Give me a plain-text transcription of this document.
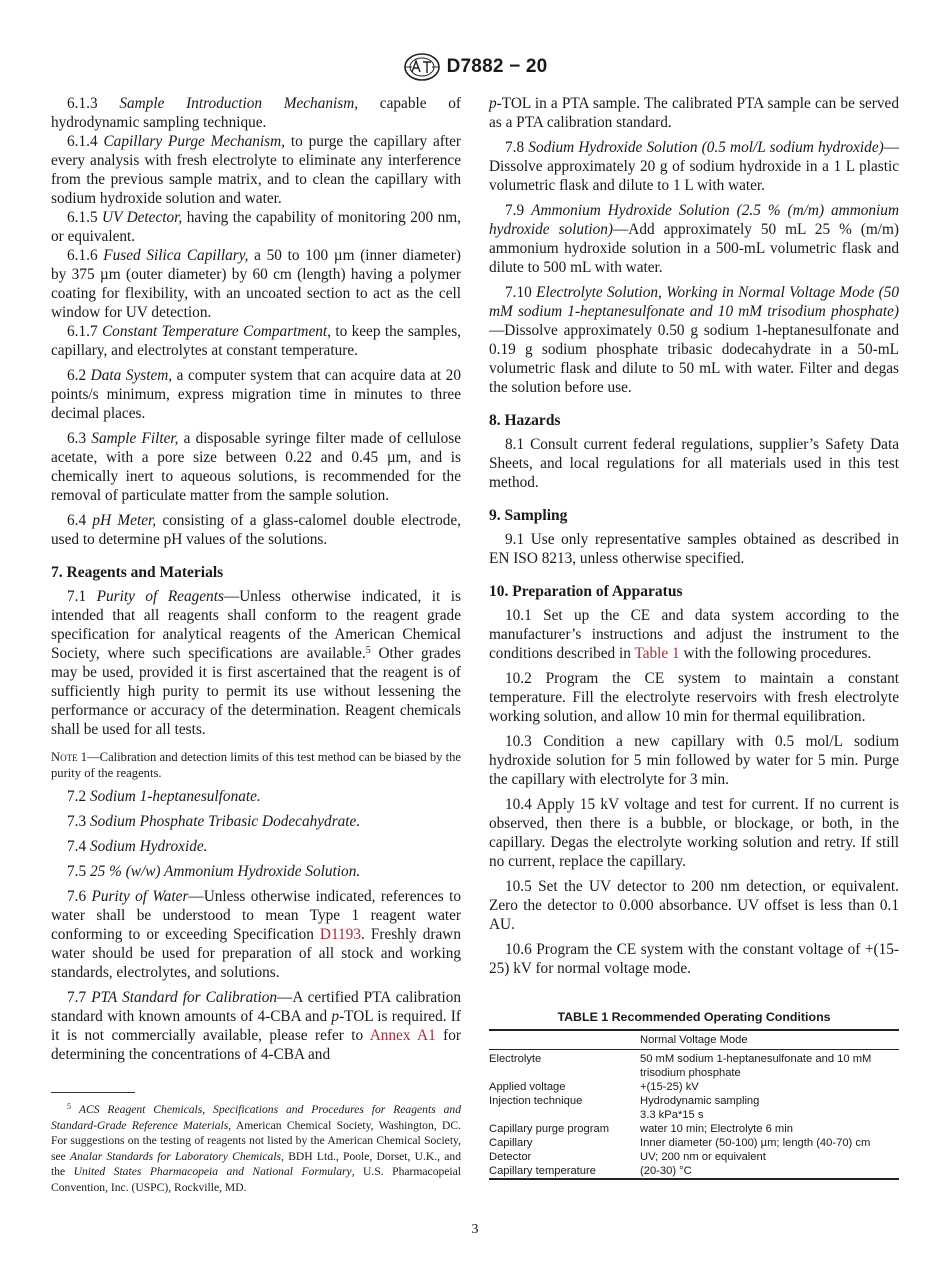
D7882 − 20

6.1.3 Sample Introduction Mechanism, capable of hydrodynamic sampling technique.

6.1.4 Capillary Purge Mechanism, to purge the capillary after every analysis with fresh electrolyte to eliminate any interference from the previous sample matrix, and to clean the capillary with sodium hydroxide solution and water.

6.1.5 UV Detector, having the capability of monitoring 200 nm, or equivalent.

6.1.6 Fused Silica Capillary, a 50 to 100 µm (inner diameter) by 375 µm (outer diameter) by 60 cm (length) having a polymer coating for flexibility, with an uncoated section to act as the cell window for UV detection.

6.1.7 Constant Temperature Compartment, to keep the samples, capillary, and electrolytes at constant temperature.

6.2 Data System, a computer system that can acquire data at 20 points/s minimum, express migration time in minutes to three decimal places.

6.3 Sample Filter, a disposable syringe filter made of cellulose acetate, with a pore size between 0.22 and 0.45 µm, and is chemically inert to aqueous solutions, is recommended for the removal of particulate matter from the sample solution.

6.4 pH Meter, consisting of a glass-calomel double electrode, used to determine pH values of the solutions.

7. Reagents and Materials

7.1 Purity of Reagents—Unless otherwise indicated, it is intended that all reagents shall conform to the reagent grade specification for analytical reagents of the American Chemical Society, where such specifications are available.$^5$ Other grades may be used, provided it is first ascertained that the reagent is of sufficiently high purity to permit its use without lessening the performance or accuracy of the determination. Reagent chemicals shall be used for all tests.

Note 1—Calibration and detection limits of this test method can be biased by the purity of the reagents.

7.2 Sodium 1-heptanesulfonate.

7.3 Sodium Phosphate Tribasic Dodecahydrate.

7.4 Sodium Hydroxide.

7.5 25 % (w/w) Ammonium Hydroxide Solution.

7.6 Purity of Water—Unless otherwise indicated, references to water shall be understood to mean Type 1 reagent water conforming to or exceeding Specification D1193. Freshly drawn water should be used for preparation of all stock and working standards, electrolytes, and solutions.

7.7 PTA Standard for Calibration—A certified PTA calibration standard with known amounts of 4-CBA and p-TOL is required. If it is not commercially available, please refer to Annex A1 for determining the concentrations of 4-CBA and

$^5$ ACS Reagent Chemicals, Specifications and Procedures for Reagents and Standard-Grade Reference Materials, American Chemical Society, Washington, DC. For suggestions on the testing of reagents not listed by the American Chemical Society, see Analar Standards for Laboratory Chemicals, BDH Ltd., Poole, Dorset, U.K., and the United States Pharmacopeia and National Formulary, U.S. Pharmacopeial Convention, Inc. (USPC), Rockville, MD.

p-TOL in a PTA sample. The calibrated PTA sample can be served as a PTA calibration standard.

7.8 Sodium Hydroxide Solution (0.5 mol/L sodium hydroxide)—Dissolve approximately 20 g of sodium hydroxide in a 1 L plastic volumetric flask and dilute to 1 L with water.

7.9 Ammonium Hydroxide Solution (2.5 % (m/m) ammonium hydroxide solution)—Add approximately 50 mL 25 % (m/m) ammonium hydroxide solution in a 500-mL volumetric flask and dilute to 500 mL with water.

7.10 Electrolyte Solution, Working in Normal Voltage Mode (50 mM sodium 1-heptanesulfonate and 10 mM trisodium phosphate)—Dissolve approximately 0.50 g sodium 1-heptanesulfonate and 0.19 g sodium phosphate tribasic dodecahydrate in a 50-mL volumetric flask and dilute to 50 mL with water. Filter and degas the solution before use.

8. Hazards

8.1 Consult current federal regulations, supplier’s Safety Data Sheets, and local regulations for all materials used in this test method.

9. Sampling

9.1 Use only representative samples obtained as described in EN ISO 8213, unless otherwise specified.

10. Preparation of Apparatus

10.1 Set up the CE and data system according to the manufacturer’s instructions and adjust the instrument to the conditions described in Table 1 with the following procedures.

10.2 Program the CE system to maintain a constant temperature. Fill the electrolyte reservoirs with fresh electrolyte working solution, and allow 10 min for thermal equilibration.

10.3 Condition a new capillary with 0.5 mol/L sodium hydroxide solution for 5 min followed by water for 5 min. Purge the capillary with electrolyte for 3 min.

10.4 Apply 15 kV voltage and test for current. If no current is observed, then there is a bubble, or blockage, or both, in the capillary. Degas the electrolyte working solution and retry. If still no current, replace the capillary.

10.5 Set the UV detector to 200 nm detection, or equivalent. Zero the detector to 0.000 absorbance. UV offset is less than 0.1 AU.

10.6 Program the CE system with the constant voltage of +(15-25) kV for normal voltage mode.

TABLE 1 Recommended Operating Conditions
	Normal Voltage Mode
Electrolyte	50 mM sodium 1-heptanesulfonate and 10 mM
trisodium phosphate
Applied voltage	+(15-25) kV
Injection technique	Hydrodynamic sampling
3.3 kPa*15 s
Capillary purge program	water 10 min; Electrolyte 6 min
Capillary	Inner diameter (50-100) µm; length (40-70) cm
Detector	UV; 200 nm or equivalent
Capillary temperature	(20-30) °C
3
